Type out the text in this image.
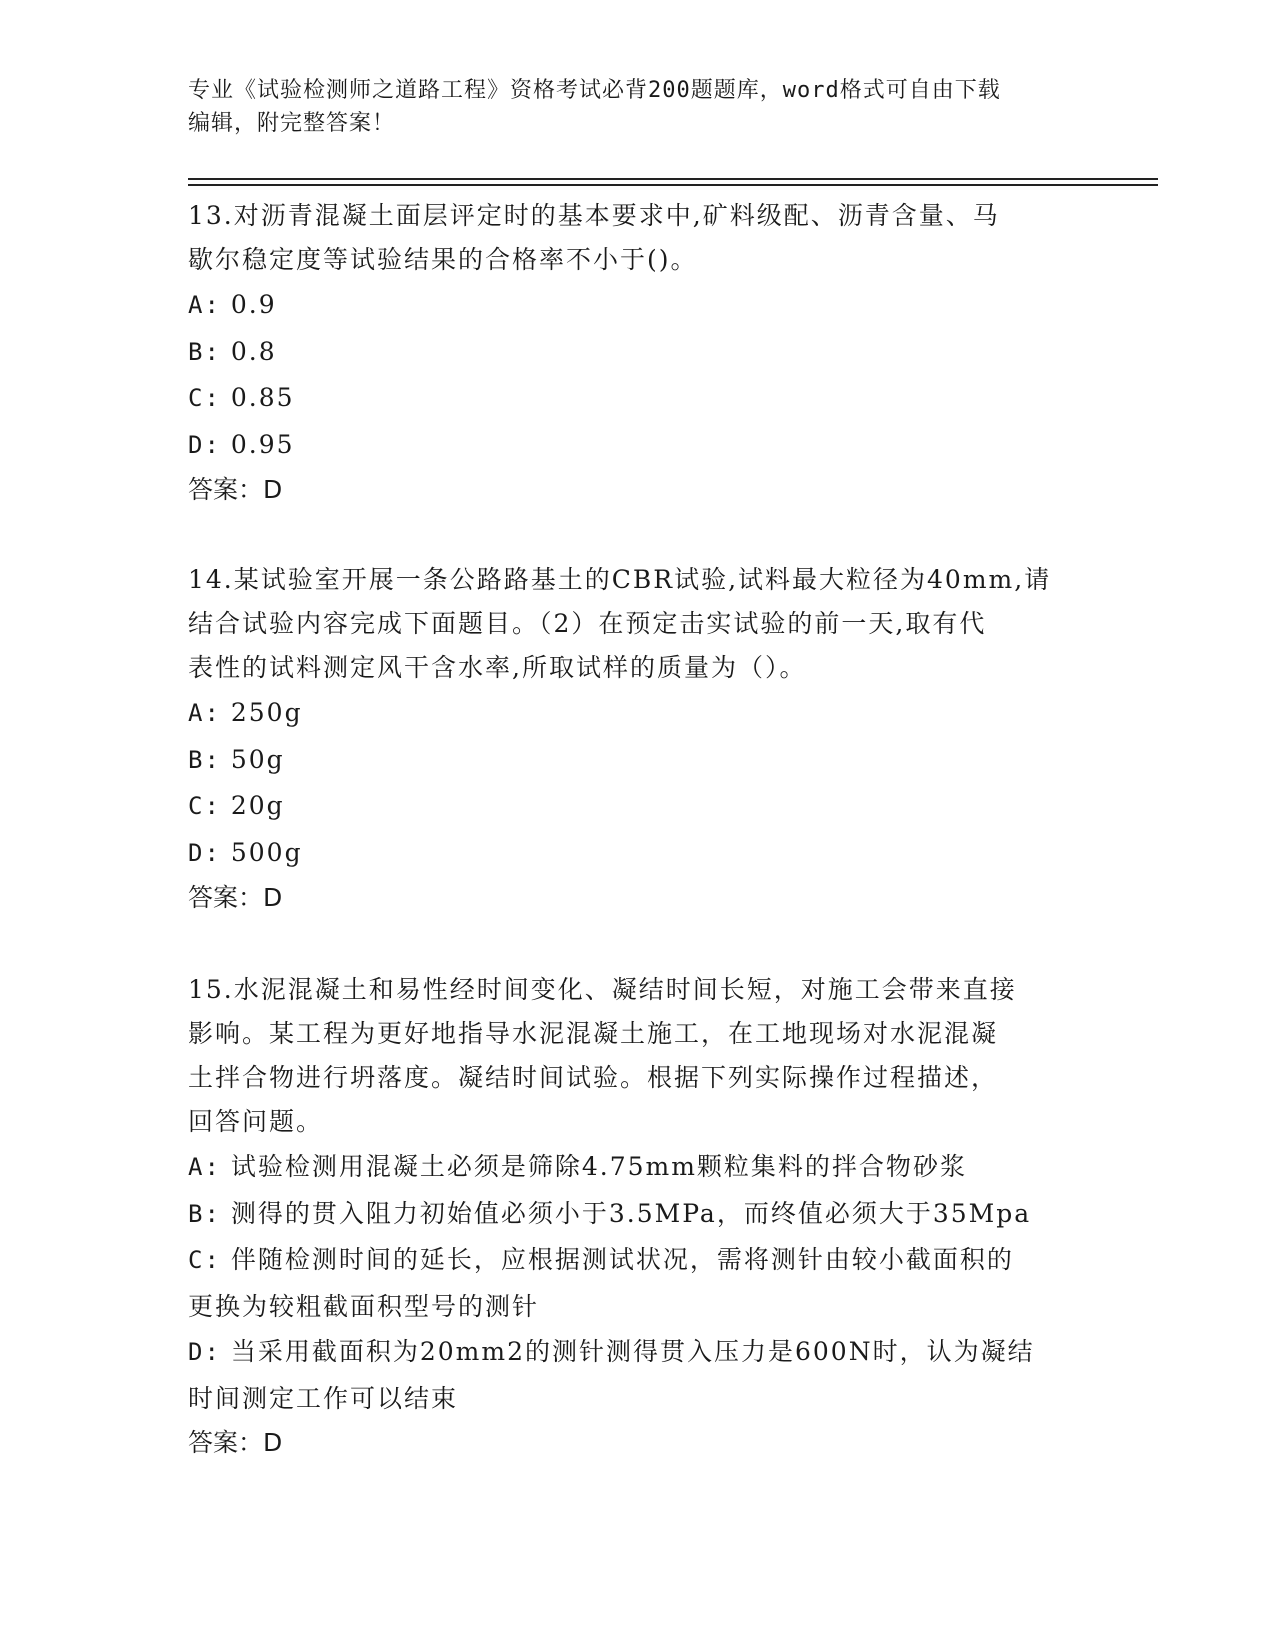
专业《试验检测师之道路工程》资格考试必背200题题库，word格式可自由下载
编辑，附完整答案！

13.对沥青混凝土面层评定时的基本要求中,矿料级配、沥青含量、马

歇尔稳定度等试验结果的合格率不小于()。

A: 0.9

B: 0.8

C: 0.85

D: 0.95

答案：D

14.某试验室开展一条公路路基土的CBR试验,试料最大粒径为40mm,请

结合试验内容完成下面题目。（2）在预定击实试验的前一天,取有代

表性的试料测定风干含水率,所取试样的质量为（）。

A: 250g

B: 50g

C: 20g

D: 500g

答案：D

15.水泥混凝土和易性经时间变化、凝结时间长短，对施工会带来直接

影响。某工程为更好地指导水泥混凝土施工，在工地现场对水泥混凝

土拌合物进行坍落度。凝结时间试验。根据下列实际操作过程描述，

回答问题。

A: 试验检测用混凝土必须是筛除4.75mm颗粒集料的拌合物砂浆

B: 测得的贯入阻力初始值必须小于3.5MPa，而终值必须大于35Mpa

C: 伴随检测时间的延长，应根据测试状况，需将测针由较小截面积的

更换为较粗截面积型号的测针

D: 当采用截面积为20mm2的测针测得贯入压力是600N时，认为凝结

时间测定工作可以结束

答案：D
